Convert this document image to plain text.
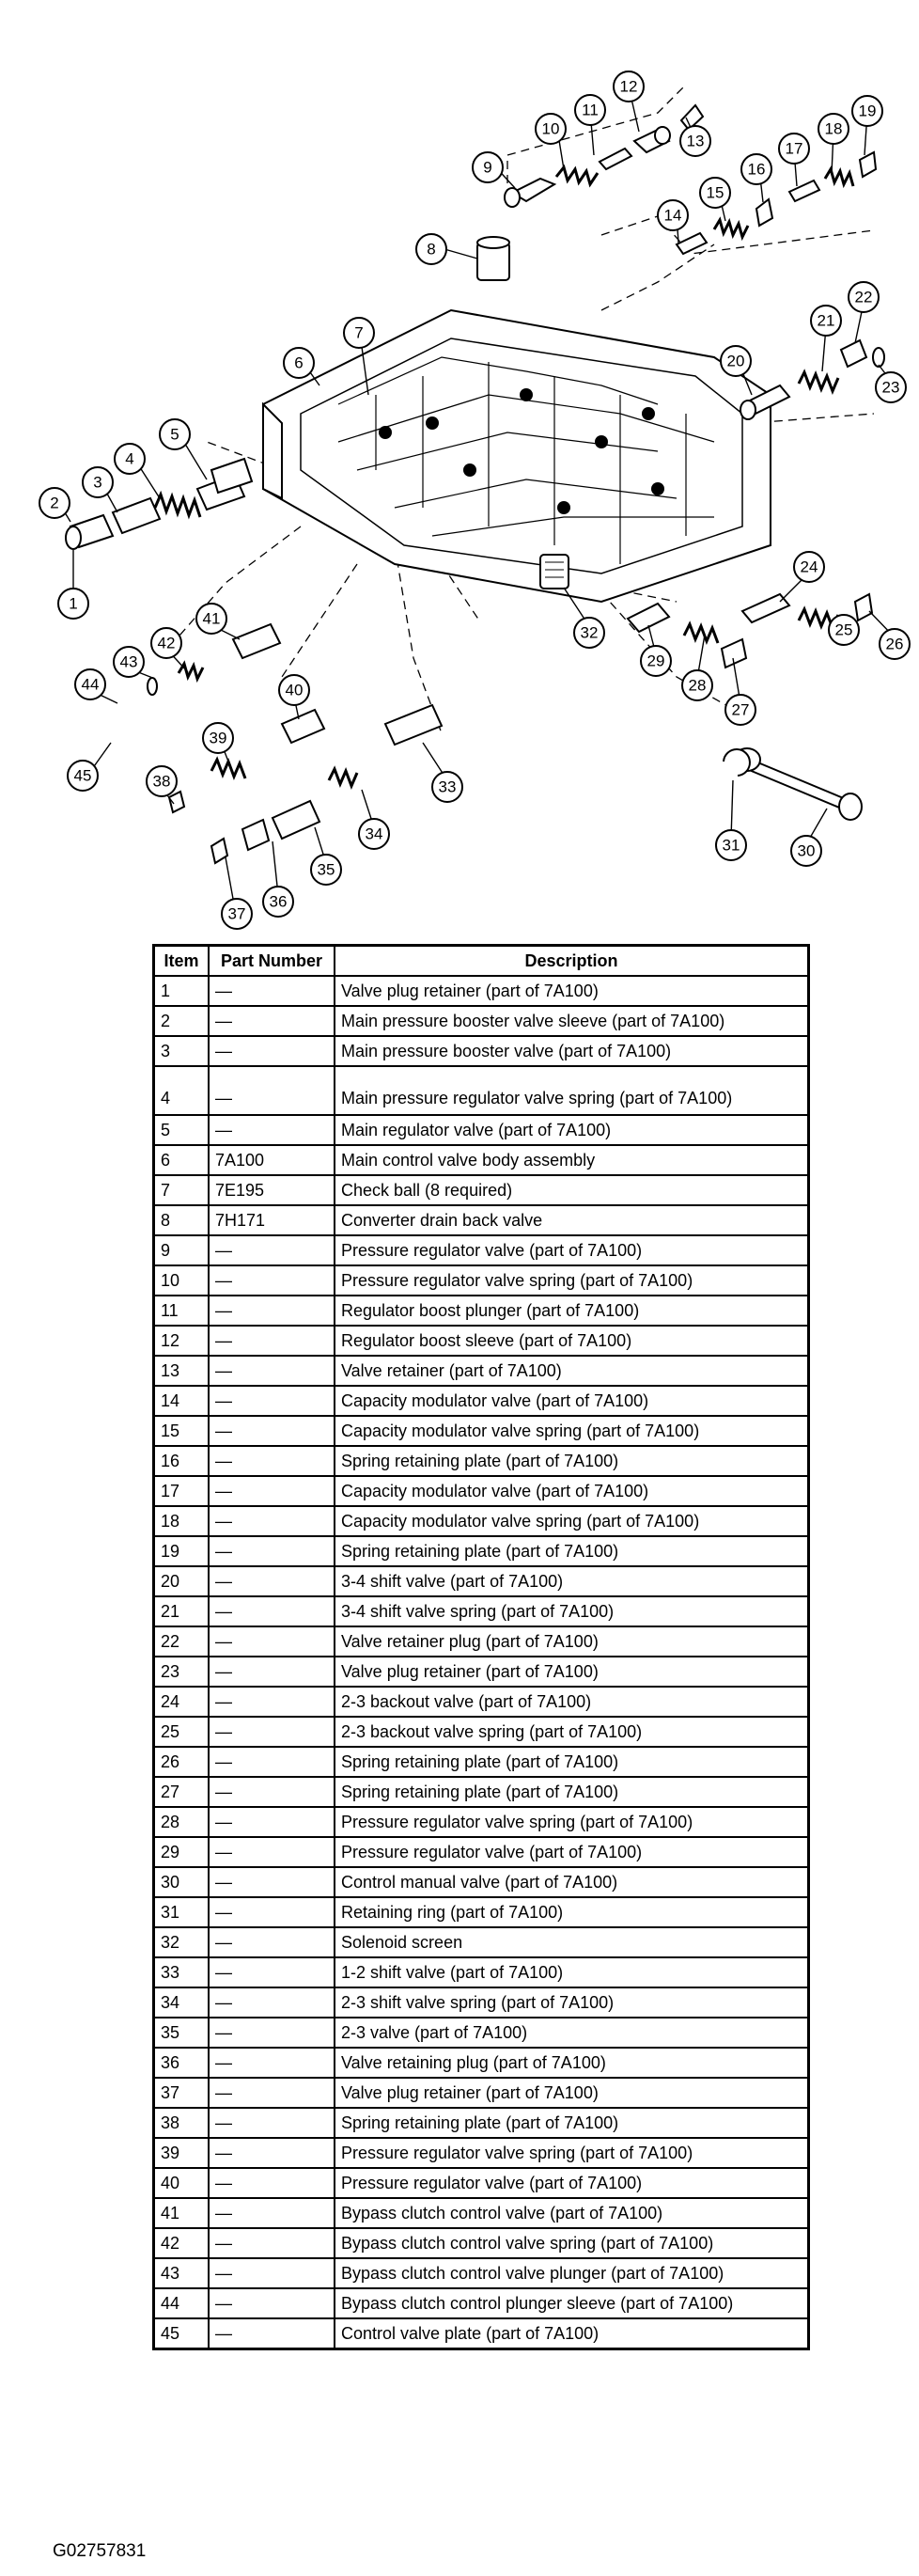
1
2
3
4
5
6
7
8
9
10
11
12
13
14
15
16
17
18
19
20
21
22
23
24
25
26
27
28
29
30
31
32
33
34
35
36
37
38
39
40
41
42
43
44
45
Item	Part Number	Description
1	—	Valve plug retainer (part of 7A100)
2	—	Main pressure booster valve sleeve (part of 7A100)
3	—	Main pressure booster valve (part of 7A100)
4	—	Main pressure regulator valve spring (part of 7A100)
5	—	Main regulator valve (part of 7A100)
6	7A100	Main control valve body assembly
7	7E195	Check ball (8 required)
8	7H171	Converter drain back valve
9	—	Pressure regulator valve (part of 7A100)
10	—	Pressure regulator valve spring (part of 7A100)
11	—	Regulator boost plunger (part of 7A100)
12	—	Regulator boost sleeve (part of 7A100)
13	—	Valve retainer (part of 7A100)
14	—	Capacity modulator valve (part of 7A100)
15	—	Capacity modulator valve spring (part of 7A100)
16	—	Spring retaining plate (part of 7A100)
17	—	Capacity modulator valve (part of 7A100)
18	—	Capacity modulator valve spring (part of 7A100)
19	—	Spring retaining plate (part of 7A100)
20	—	3-4 shift valve (part of 7A100)
21	—	3-4 shift valve spring (part of 7A100)
22	—	Valve retainer plug (part of 7A100)
23	—	Valve plug retainer (part of 7A100)
24	—	2-3 backout valve (part of 7A100)
25	—	2-3 backout valve spring (part of 7A100)
26	—	Spring retaining plate (part of 7A100)
27	—	Spring retaining plate (part of 7A100)
28	—	Pressure regulator valve spring (part of 7A100)
29	—	Pressure regulator valve (part of 7A100)
30	—	Control manual valve (part of 7A100)
31	—	Retaining ring (part of 7A100)
32	—	Solenoid screen
33	—	1-2 shift valve (part of 7A100)
34	—	2-3 shift valve spring (part of 7A100)
35	—	2-3 valve (part of 7A100)
36	—	Valve retaining plug (part of 7A100)
37	—	Valve plug retainer (part of 7A100)
38	—	Spring retaining plate (part of 7A100)
39	—	Pressure regulator valve spring (part of 7A100)
40	—	Pressure regulator valve (part of 7A100)
41	—	Bypass clutch control valve (part of 7A100)
42	—	Bypass clutch control valve spring (part of 7A100)
43	—	Bypass clutch control valve plunger (part of 7A100)
44	—	Bypass clutch control plunger sleeve (part of 7A100)
45	—	Control valve plate (part of 7A100)
G02757831
